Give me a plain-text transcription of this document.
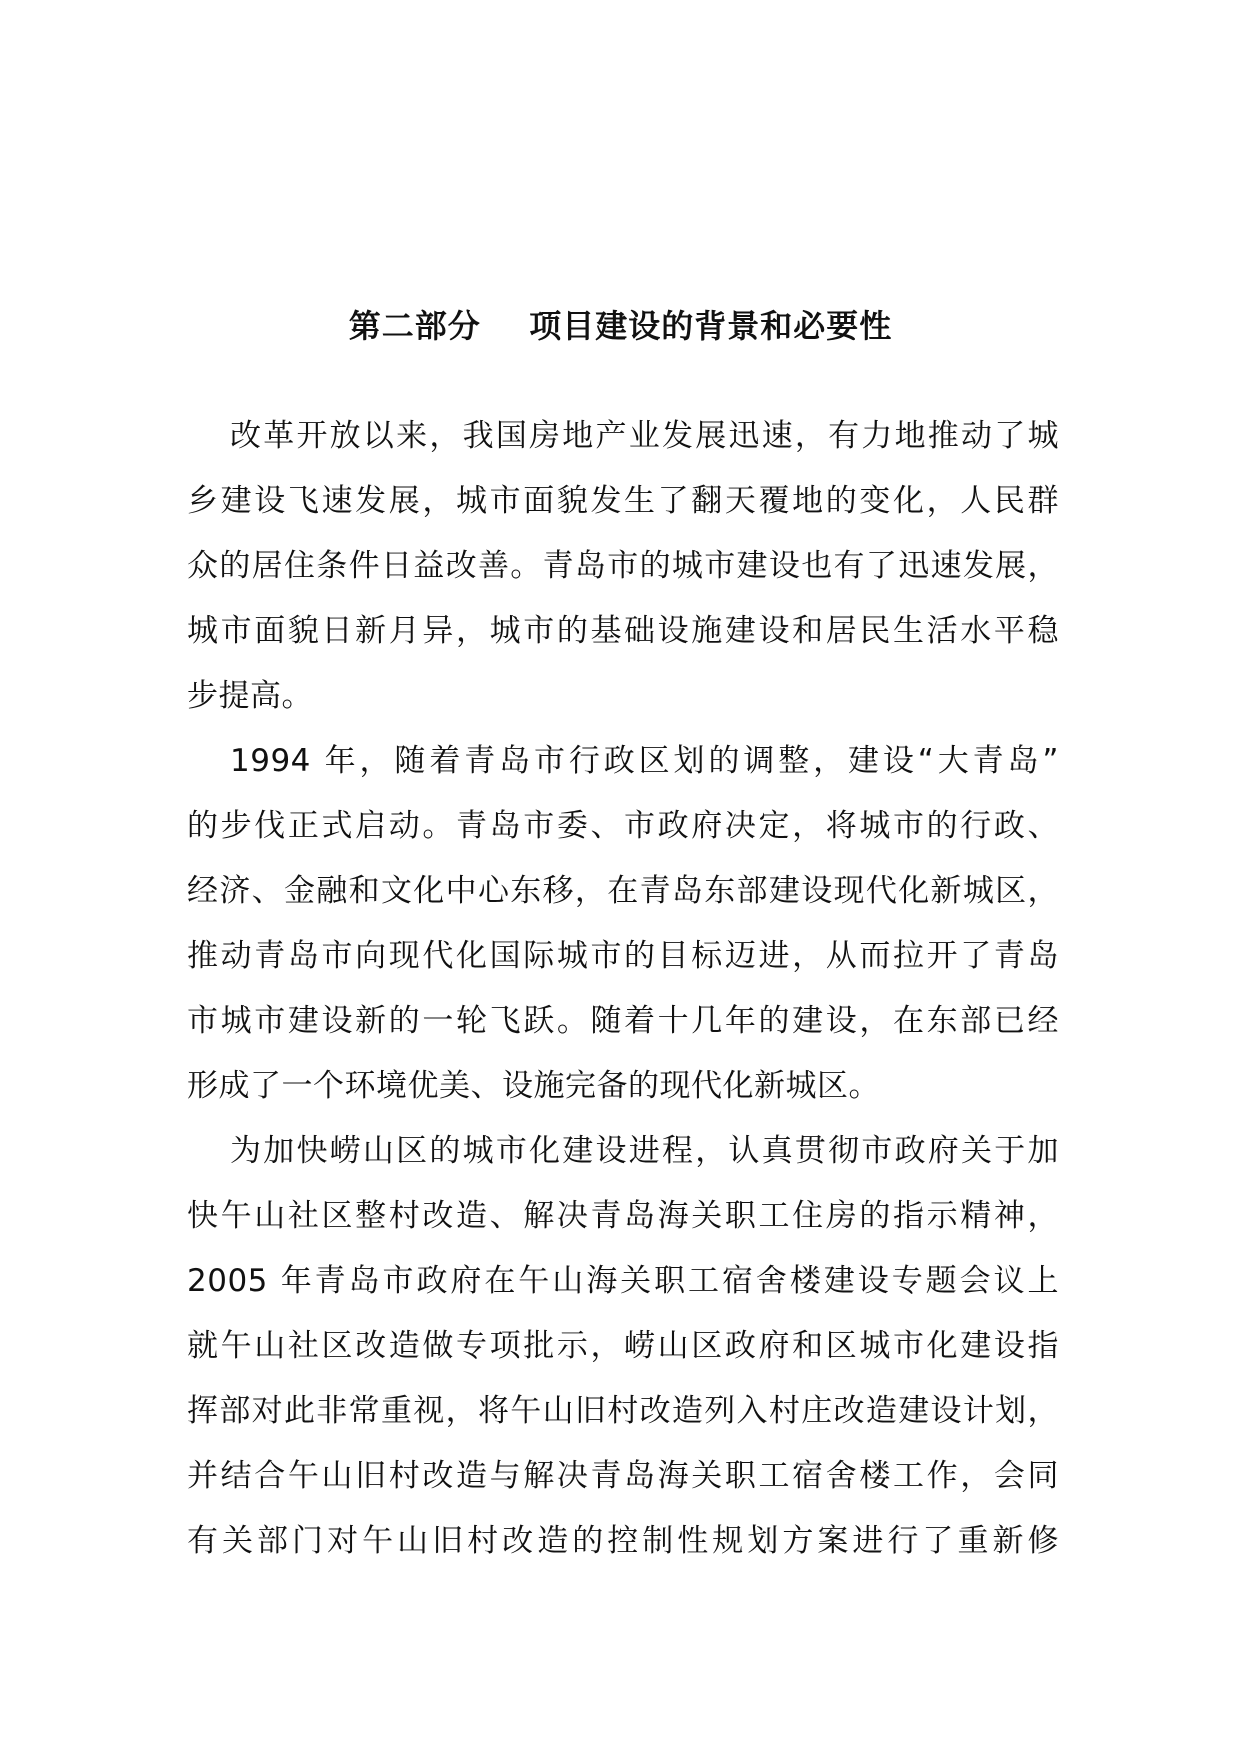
第二部分    项目建设的背景和必要性

改革开放以来，我国房地产业发展迅速，有力地推动了城
乡建设飞速发展，城市面貌发生了翻天覆地的变化，人民群
众的居住条件日益改善。青岛市的城市建设也有了迅速发展，
城市面貌日新月异，城市的基础设施建设和居民生活水平稳
步提高。

1994 年，随着青岛市行政区划的调整，建设“大青岛”
的步伐正式启动。青岛市委、市政府决定，将城市的行政、
经济、金融和文化中心东移，在青岛东部建设现代化新城区，
推动青岛市向现代化国际城市的目标迈进，从而拉开了青岛
市城市建设新的一轮飞跃。随着十几年的建设，在东部已经
形成了一个环境优美、设施完备的现代化新城区。

为加快崂山区的城市化建设进程，认真贯彻市政府关于加
快午山社区整村改造、解决青岛海关职工住房的指示精神，
2005 年青岛市政府在午山海关职工宿舍楼建设专题会议上
就午山社区改造做专项批示，崂山区政府和区城市化建设指
挥部对此非常重视，将午山旧村改造列入村庄改造建设计划，
并结合午山旧村改造与解决青岛海关职工宿舍楼工作，会同
有关部门对午山旧村改造的控制性规划方案进行了重新修
